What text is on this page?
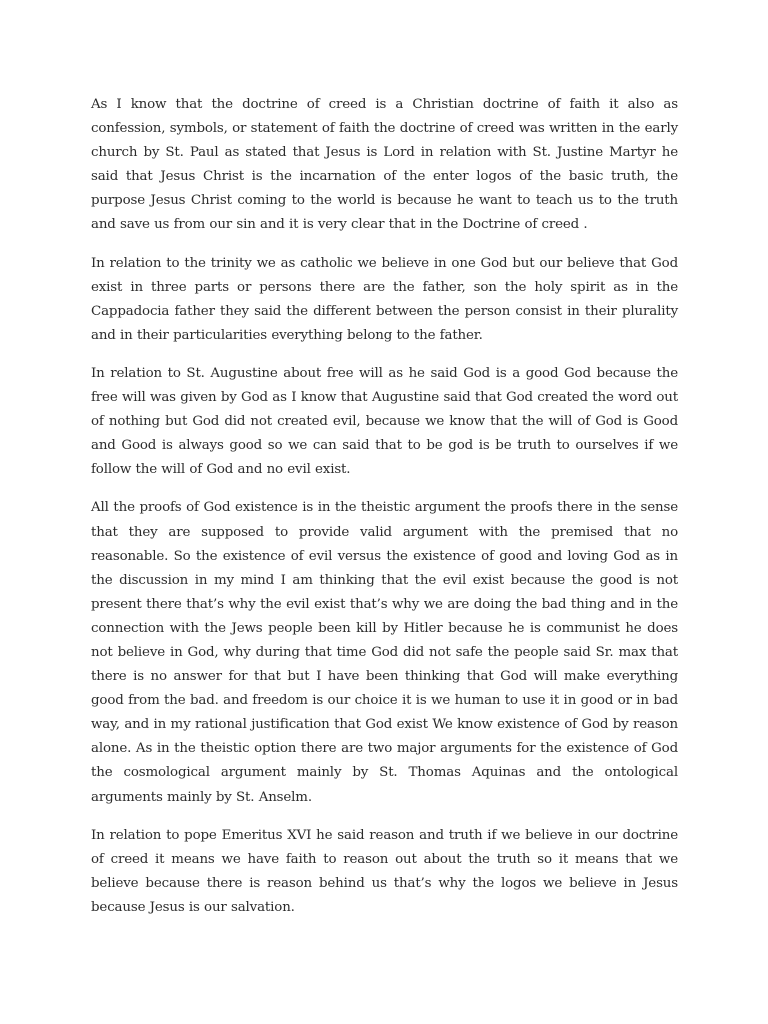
As I know that the doctrine of creed is a Christian doctrine of faith it also as confession, symbols, or statement of faith the doctrine of creed was written in the early church by St. Paul as stated that Jesus is Lord in relation with St. Justine Martyr he said that Jesus Christ is the incarnation of the enter logos of the basic truth, the purpose Jesus Christ coming to the world is because he want to teach us to the truth and save us from our sin and it is very clear that in the Doctrine of creed .

In relation to the trinity we as catholic we believe in one God but our believe that God exist in three parts or persons there are the father, son the holy spirit as in the Cappadocia father they said the different between the person consist in their plurality and in their particularities everything belong to the father.

In relation to St. Augustine about free will as he said God is a good God because the free will was given by God as I know that Augustine said that God created the word out of nothing but God did not created evil, because we know that the will of God is Good and Good is always good so we can said that to be god is be truth to ourselves if we follow the will of God and no evil exist.

All the proofs of God existence is in the theistic argument the proofs there in the sense that they are supposed to provide valid argument with the premised that no reasonable. So the existence of evil versus the existence of good and loving God as in the discussion in my mind I am thinking that the evil exist because the good is not present there that’s why the evil exist that’s why we are doing the bad thing and in the connection with the Jews people been kill by Hitler because he is communist he does not believe in God, why during that time God did not safe the people said Sr. max that there is no answer for that but I have been thinking that God will make everything good from the bad. and freedom is our choice it is we human to use it in good or in bad way, and in my rational justification that God exist We know existence of God by reason alone. As in the theistic option there are two major arguments for the existence of God the cosmological argument mainly by St. Thomas Aquinas and the ontological arguments mainly by St. Anselm.

In relation to pope Emeritus XVI he said reason and truth if we believe in our doctrine of creed it means we have faith to reason out about the truth so it means that we believe because there is reason behind us that’s why the logos we believe in Jesus because Jesus is our salvation.
